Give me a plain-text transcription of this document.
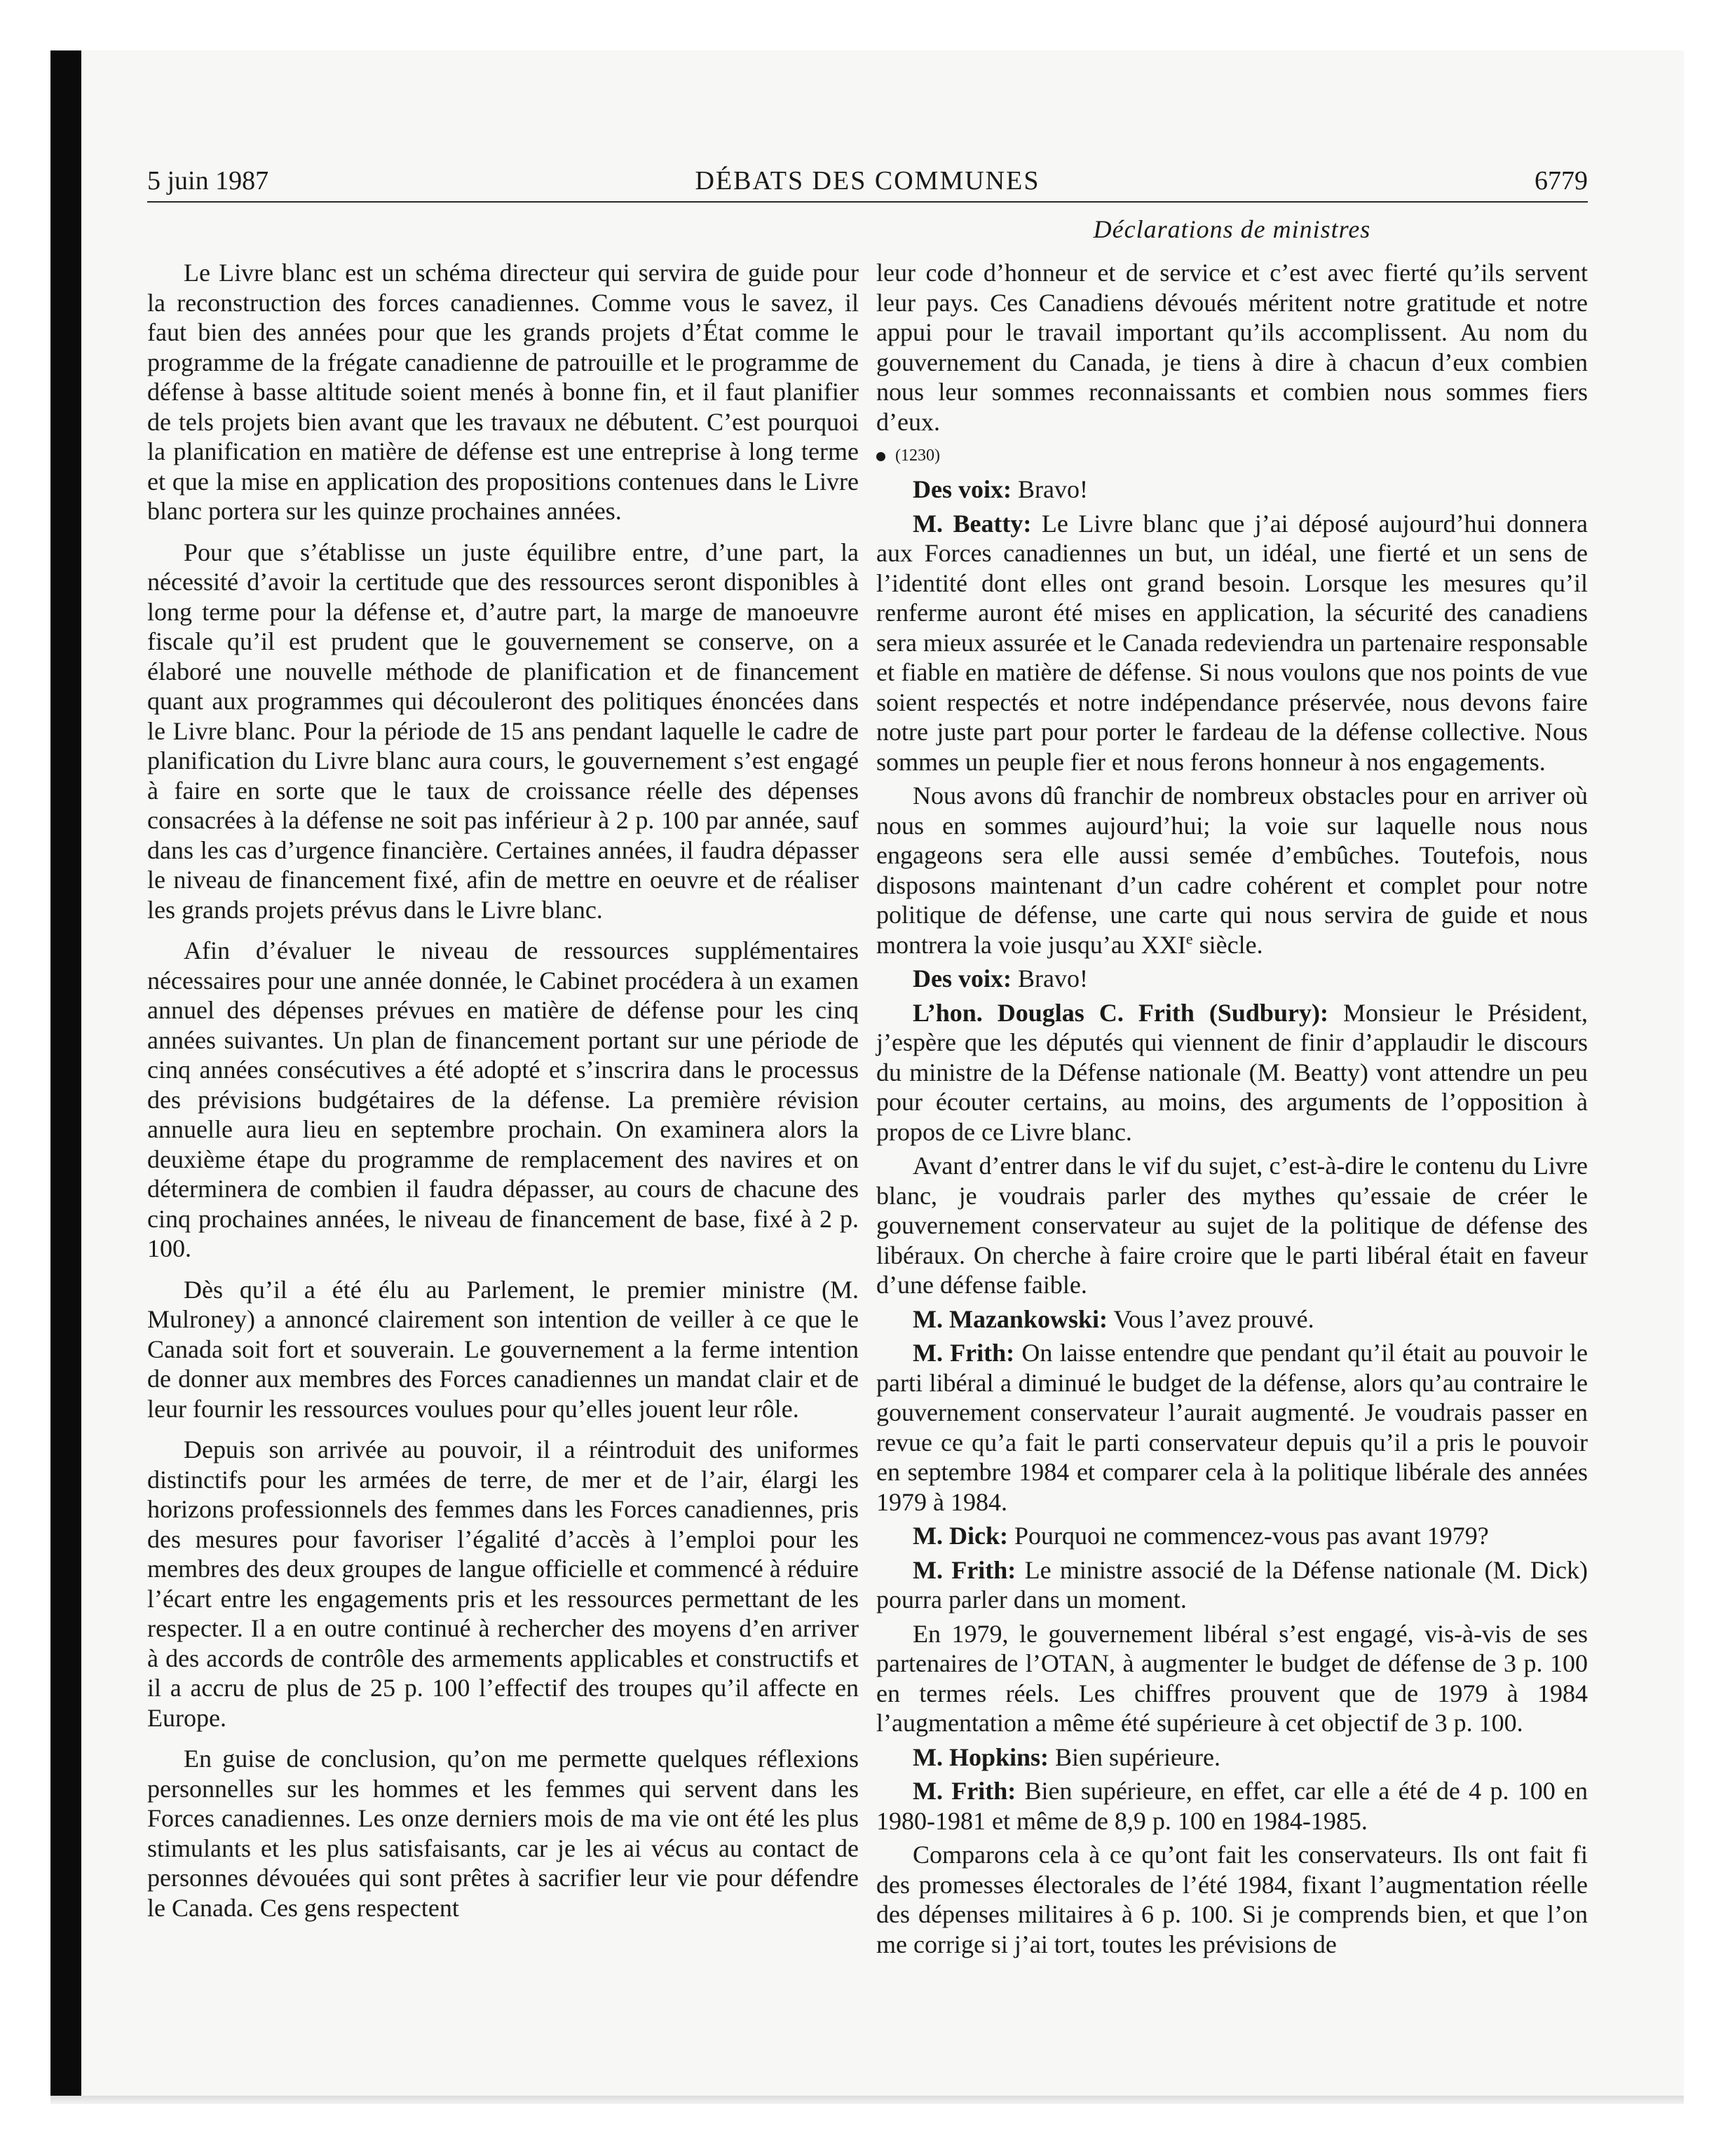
5 juin 1987	DÉBATS DES COMMUNES	6779
Déclarations de ministres

Le Livre blanc est un schéma directeur qui servira de guide pour la reconstruction des forces canadiennes. Comme vous le savez, il faut bien des années pour que les grands projets d’État comme le programme de la frégate canadienne de patrouille et le programme de défense à basse altitude soient menés à bonne fin, et il faut planifier de tels projets bien avant que les travaux ne débutent. C’est pourquoi la planification en matière de défense est une entreprise à long terme et que la mise en application des propositions contenues dans le Livre blanc portera sur les quinze prochaines années.

Pour que s’établisse un juste équilibre entre, d’une part, la nécessité d’avoir la certitude que des ressources seront disponibles à long terme pour la défense et, d’autre part, la marge de manoeuvre fiscale qu’il est prudent que le gouvernement se conserve, on a élaboré une nouvelle méthode de planification et de financement quant aux programmes qui découleront des politiques énoncées dans le Livre blanc. Pour la période de 15 ans pendant laquelle le cadre de planification du Livre blanc aura cours, le gouvernement s’est engagé à faire en sorte que le taux de croissance réelle des dépenses consacrées à la défense ne soit pas inférieur à 2 p. 100 par année, sauf dans les cas d’urgence financière. Certaines années, il faudra dépasser le niveau de financement fixé, afin de mettre en oeuvre et de réaliser les grands projets prévus dans le Livre blanc.

Afin d’évaluer le niveau de ressources supplémentaires nécessaires pour une année donnée, le Cabinet procédera à un examen annuel des dépenses prévues en matière de défense pour les cinq années suivantes. Un plan de financement portant sur une période de cinq années consécutives a été adopté et s’inscrira dans le processus des prévisions budgétaires de la défense. La première révision annuelle aura lieu en septembre prochain. On examinera alors la deuxième étape du programme de remplacement des navires et on déterminera de combien il faudra dépasser, au cours de chacune des cinq prochaines années, le niveau de financement de base, fixé à 2 p. 100.

Dès qu’il a été élu au Parlement, le premier ministre (M. Mulroney) a annoncé clairement son intention de veiller à ce que le Canada soit fort et souverain. Le gouvernement a la ferme intention de donner aux membres des Forces canadiennes un mandat clair et de leur fournir les ressources voulues pour qu’elles jouent leur rôle.

Depuis son arrivée au pouvoir, il a réintroduit des uniformes distinctifs pour les armées de terre, de mer et de l’air, élargi les horizons professionnels des femmes dans les Forces canadiennes, pris des mesures pour favoriser l’égalité d’accès à l’emploi pour les membres des deux groupes de langue officielle et commencé à réduire l’écart entre les engagements pris et les ressources permettant de les respecter. Il a en outre continué à rechercher des moyens d’en arriver à des accords de contrôle des armements applicables et constructifs et il a accru de plus de 25 p. 100 l’effectif des troupes qu’il affecte en Europe.

En guise de conclusion, qu’on me permette quelques réflexions personnelles sur les hommes et les femmes qui servent dans les Forces canadiennes. Les onze derniers mois de ma vie ont été les plus stimulants et les plus satisfaisants, car je les ai vécus au contact de personnes dévouées qui sont prêtes à sacrifier leur vie pour défendre le Canada. Ces gens respectent

leur code d’honneur et de service et c’est avec fierté qu’ils servent leur pays. Ces Canadiens dévoués méritent notre gratitude et notre appui pour le travail important qu’ils accomplissent. Au nom du gouvernement du Canada, je tiens à dire à chacun d’eux combien nous leur sommes reconnaissants et combien nous sommes fiers d’eux.

(1230)

Des voix: Bravo!

M. Beatty: Le Livre blanc que j’ai déposé aujourd’hui donnera aux Forces canadiennes un but, un idéal, une fierté et un sens de l’identité dont elles ont grand besoin. Lorsque les mesures qu’il renferme auront été mises en application, la sécurité des canadiens sera mieux assurée et le Canada redeviendra un partenaire responsable et fiable en matière de défense. Si nous voulons que nos points de vue soient respectés et notre indépendance préservée, nous devons faire notre juste part pour porter le fardeau de la défense collective. Nous sommes un peuple fier et nous ferons honneur à nos engagements.

Nous avons dû franchir de nombreux obstacles pour en arriver où nous en sommes aujourd’hui; la voie sur laquelle nous nous engageons sera elle aussi semée d’embûches. Toutefois, nous disposons maintenant d’un cadre cohérent et complet pour notre politique de défense, une carte qui nous servira de guide et nous montrera la voie jusqu’au XXIe siècle.

Des voix: Bravo!

L’hon. Douglas C. Frith (Sudbury): Monsieur le Président, j’espère que les députés qui viennent de finir d’applaudir le discours du ministre de la Défense nationale (M. Beatty) vont attendre un peu pour écouter certains, au moins, des arguments de l’opposition à propos de ce Livre blanc.

Avant d’entrer dans le vif du sujet, c’est-à-dire le contenu du Livre blanc, je voudrais parler des mythes qu’essaie de créer le gouvernement conservateur au sujet de la politique de défense des libéraux. On cherche à faire croire que le parti libéral était en faveur d’une défense faible.

M. Mazankowski: Vous l’avez prouvé.

M. Frith: On laisse entendre que pendant qu’il était au pouvoir le parti libéral a diminué le budget de la défense, alors qu’au contraire le gouvernement conservateur l’aurait augmenté. Je voudrais passer en revue ce qu’a fait le parti conservateur depuis qu’il a pris le pouvoir en septembre 1984 et comparer cela à la politique libérale des années 1979 à 1984.

M. Dick: Pourquoi ne commencez-vous pas avant 1979?

M. Frith: Le ministre associé de la Défense nationale (M. Dick) pourra parler dans un moment.

En 1979, le gouvernement libéral s’est engagé, vis-à-vis de ses partenaires de l’OTAN, à augmenter le budget de défense de 3 p. 100 en termes réels. Les chiffres prouvent que de 1979 à 1984 l’augmentation a même été supérieure à cet objectif de 3 p. 100.

M. Hopkins: Bien supérieure.

M. Frith: Bien supérieure, en effet, car elle a été de 4 p. 100 en 1980-1981 et même de 8,9 p. 100 en 1984-1985.

Comparons cela à ce qu’ont fait les conservateurs. Ils ont fait fi des promesses électorales de l’été 1984, fixant l’augmentation réelle des dépenses militaires à 6 p. 100. Si je comprends bien, et que l’on me corrige si j’ai tort, toutes les prévisions de
